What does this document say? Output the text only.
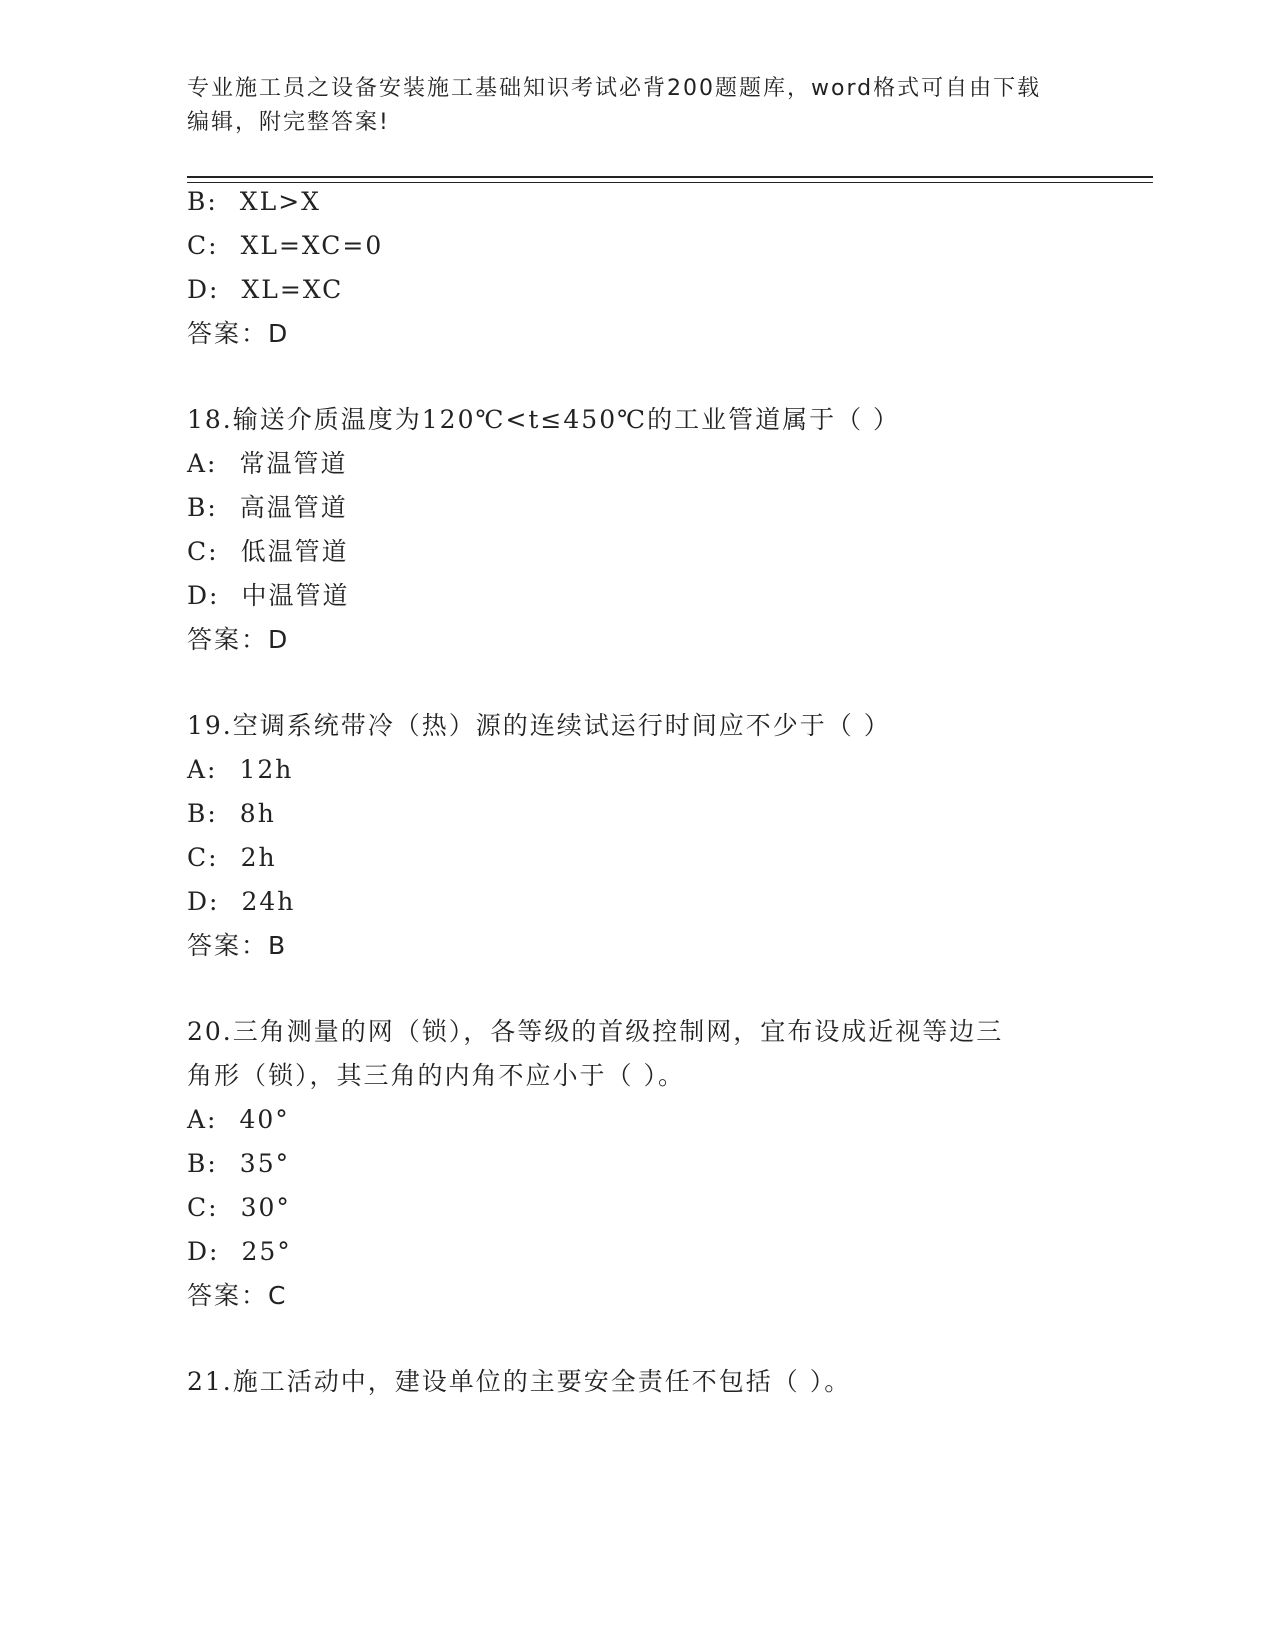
专业施工员之设备安装施工基础知识考试必背200题题库，word格式可自由下载
编辑，附完整答案!
B: XL>X
C: XL=XC=0
D: XL=XC
答案：D
18.输送介质温度为120℃<t≤450℃的工业管道属于（ ）
A: 常温管道
B: 高温管道
C: 低温管道
D: 中温管道
答案：D
19.空调系统带冷（热）源的连续试运行时间应不少于（ ）
A: 12h
B: 8h
C: 2h
D: 24h
答案：B
20.三角测量的网（锁），各等级的首级控制网，宜布设成近视等边三
角形（锁），其三角的内角不应小于（ ）。
A: 40°
B: 35°
C: 30°
D: 25°
答案：C
21.施工活动中，建设单位的主要安全责任不包括（ ）。
